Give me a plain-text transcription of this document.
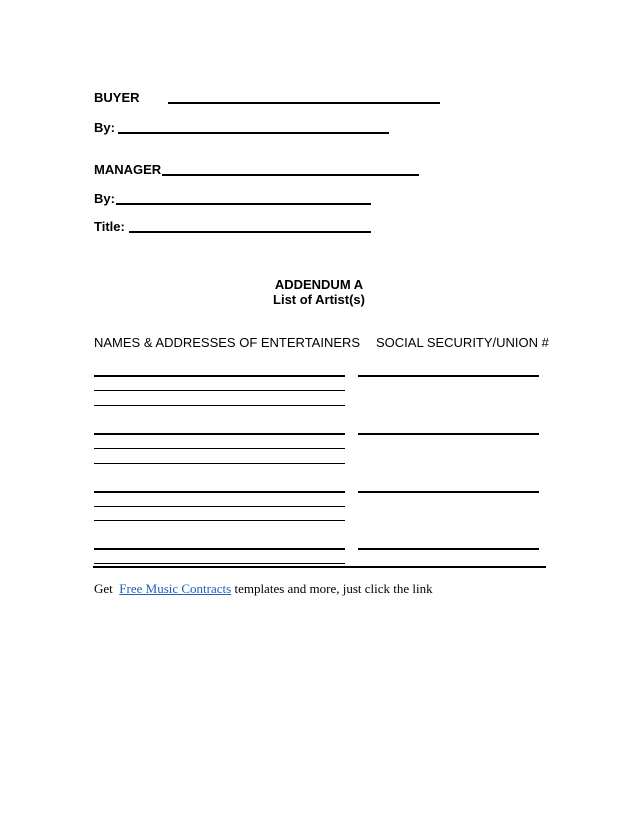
BUYER
By:
MANAGER
By:
Title:
ADDENDUM A
List of Artist(s)
NAMES & ADDRESSES OF ENTERTAINERS SOCIAL SECURITY/UNION #
Get Free Music Contracts templates and more, just click the link
